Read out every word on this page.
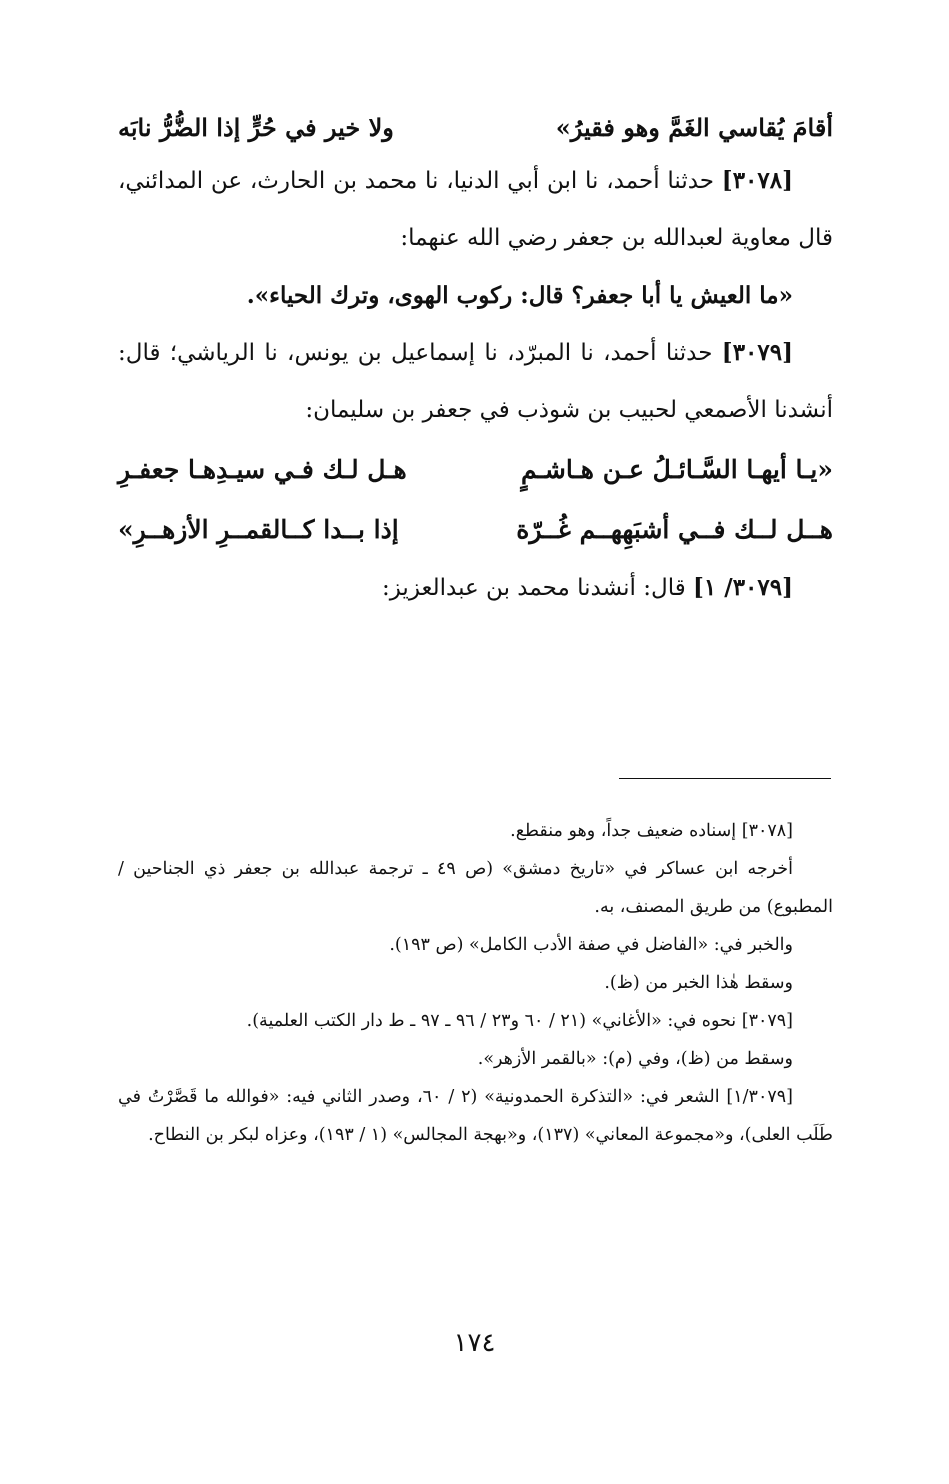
أقامَ يُقاسي الغَمَّ وهو فقيرُ»
ولا خير في حُرٍّ إذا الضُّرُّ نابَه
[٣٠٧٨] حدثنا أحمد، نا ابن أبي الدنيا، نا محمد بن الحارث، عن المدائني، قال معاوية لعبدالله بن جعفر رضي الله عنهما:
«ما العيش يا أبا جعفر؟ قال: ركوب الهوى، وترك الحياء».
[٣٠٧٩] حدثنا أحمد، نا المبرّد، نا إسماعيل بن يونس، نا الرياشي؛ قال: أنشدنا الأصمعي لحبيب بن شوذب في جعفر بن سليمان:
«يـا أيهـا السَّـائـلُ عـن هـاشـمٍ
هـل لـك فـي سيـدِهـا جعفـرِ
هــل لــك فــي أشبَهِهــم غُــرّة
إذا بــدا كــالقمــرِ الأزهــرِ»
[٣٠٧٩/ ١] قال: أنشدنا محمد بن عبدالعزيز:
[٣٠٧٨] إسناده ضعيف جداً، وهو منقطع.
أخرجه ابن عساكر في «تاريخ دمشق» (ص ٤٩ ـ ترجمة عبدالله بن جعفر ذي الجناحين / المطبوع) من طريق المصنف، به.
والخبر في: «الفاضل في صفة الأدب الكامل» (ص ١٩٣).
وسقط هٰذا الخبر من (ظ).
[٣٠٧٩] نحوه في: «الأغاني» (٢١ / ٦٠ و٢٣ / ٩٦ ـ ٩٧ ـ ط دار الكتب العلمية).
وسقط من (ظ)، وفي (م): «بالقمر الأزهر».
[١/٣٠٧٩] الشعر في: «التذكرة الحمدونية» (٢ / ٦٠، وصدر الثاني فيه: «فوالله ما قَصَّرْتُ في طَلَب العلى)، و«مجموعة المعاني» (١٣٧)، و«بهجة المجالس» (١ / ١٩٣)، وعزاه لبكر بن النطاح.
١٧٤
